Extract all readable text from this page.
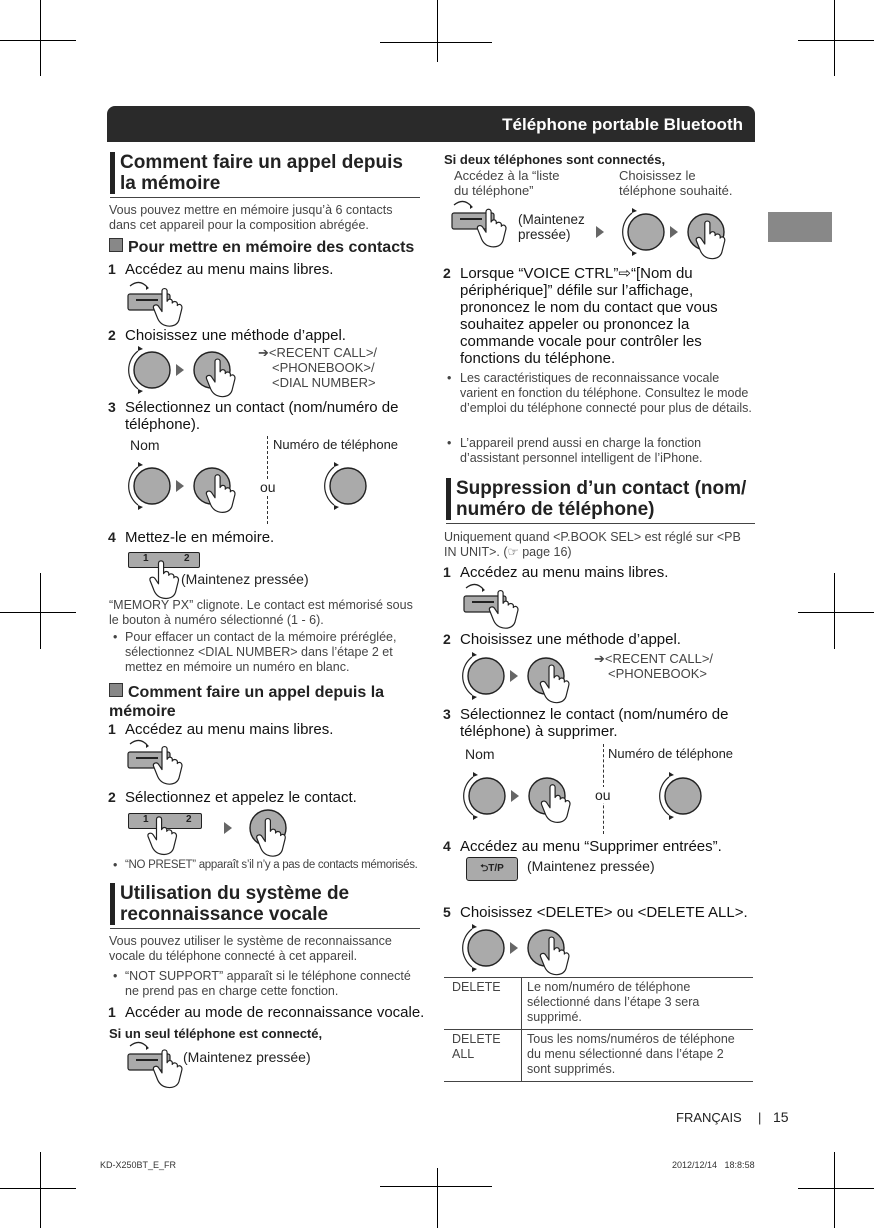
Téléphone portable Bluetooth
Comment faire un appel depuis la mémoire
Vous pouvez mettre en mémoire jusqu’à 6 contacts dans cet appareil pour la composition abrégée.
Pour mettre en mémoire des contacts
1 Accédez au menu mains libres.
2 Choisissez une méthode d’appel.
➔<RECENT CALL>/
<PHONEBOOK>/
<DIAL NUMBER>
3 Sélectionnez un contact (nom/numéro de téléphone).
Nom	Numéro de téléphone
ou
4 Mettez-le en mémoire.
1	2
(Maintenez pressée)
“MEMORY PX” clignote. Le contact est mémorisé sous le bouton à numéro sélectionné (1 - 6).
• Pour effacer un contact de la mémoire préréglée, sélectionnez <DIAL NUMBER> dans l’étape 2 et mettez en mémoire un numéro en blanc.
Comment faire un appel depuis la mémoire
1 Accédez au menu mains libres.
2 Sélectionnez et appelez le contact.
1	2
• “NO PRESET” apparaît s’il n’y a pas de contacts mémorisés.
Utilisation du système de reconnaissance vocale
Vous pouvez utiliser le système de reconnaissance vocale du téléphone connecté à cet appareil.
• “NOT SUPPORT” apparaît si le téléphone connecté ne prend pas en charge cette fonction.
1 Accéder au mode de reconnaissance vocale.
Si un seul téléphone est connecté,
(Maintenez pressée)
Si deux téléphones sont connectés,
Accédez à la “liste du téléphone”
Choisissez le téléphone souhaité.
(Maintenez pressée)
2 Lorsque “VOICE CTRL”⇨“[Nom du périphérique]” défile sur l’affichage, prononcez le nom du contact que vous souhaitez appeler ou prononcez la commande vocale pour contrôler les fonctions du téléphone.
• Les caractéristiques de reconnaissance vocale varient en fonction du téléphone. Consultez le mode d’emploi du téléphone connecté pour plus de détails.
• L’appareil prend aussi en charge la fonction d’assistant personnel intelligent de l’iPhone.
Suppression d’un contact (nom/ numéro de téléphone)
Uniquement quand <P.BOOK SEL> est réglé sur <PB IN UNIT>. (☞ page 16)
1 Accédez au menu mains libres.
2 Choisissez une méthode d’appel.
➔<RECENT CALL>/
<PHONEBOOK>
3 Sélectionnez le contact (nom/numéro de téléphone) à supprimer.
Nom	Numéro de téléphone
ou
4 Accédez au menu “Supprimer entrées”.
⮌T/P	(Maintenez pressée)
5 Choisissez <DELETE> ou <DELETE ALL>.
DELETE	Le nom/numéro de téléphone sélectionné dans l’étape 3 sera supprimé.
DELETE ALL	Tous les noms/numéros de téléphone du menu sélectionné dans l’étape 2 sont supprimés.
FRANÇAIS | 15
KD-X250BT_E_FR	2012/12/14   18:8:58
